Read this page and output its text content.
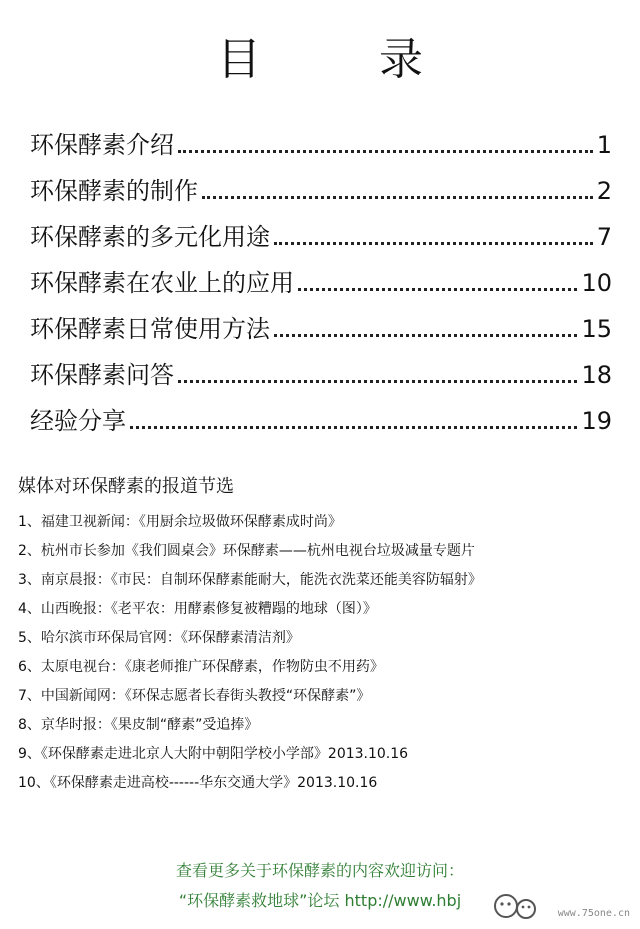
目 录
环保酵素介绍	1
环保酵素的制作	2
环保酵素的多元化用途	7
环保酵素在农业上的应用	10
环保酵素日常使用方法	15
环保酵素问答	18
经验分享	19
媒体对环保酵素的报道节选
1、福建卫视新闻：《用厨余垃圾做环保酵素成时尚》
2、杭州市长参加《我们圆桌会》环保酵素——杭州电视台垃圾减量专题片
3、南京晨报：《市民：自制环保酵素能耐大，能洗衣洗菜还能美容防辐射》
4、山西晚报：《老平农：用酵素修复被糟蹋的地球（图）》
5、哈尔滨市环保局官网：《环保酵素清洁剂》
6、太原电视台：《康老师推广环保酵素，作物防虫不用药》
7、中国新闻网：《环保志愿者长春街头教授“环保酵素”》
8、京华时报：《果皮制“酵素”受追捧》
9、《环保酵素走进北京人大附中朝阳学校小学部》2013.10.16
10、《环保酵素走进高校------华东交通大学》2013.10.16
查看更多关于环保酵素的内容欢迎访问：
“环保酵素救地球”论坛 http://www.hbj
www.75one.cn
